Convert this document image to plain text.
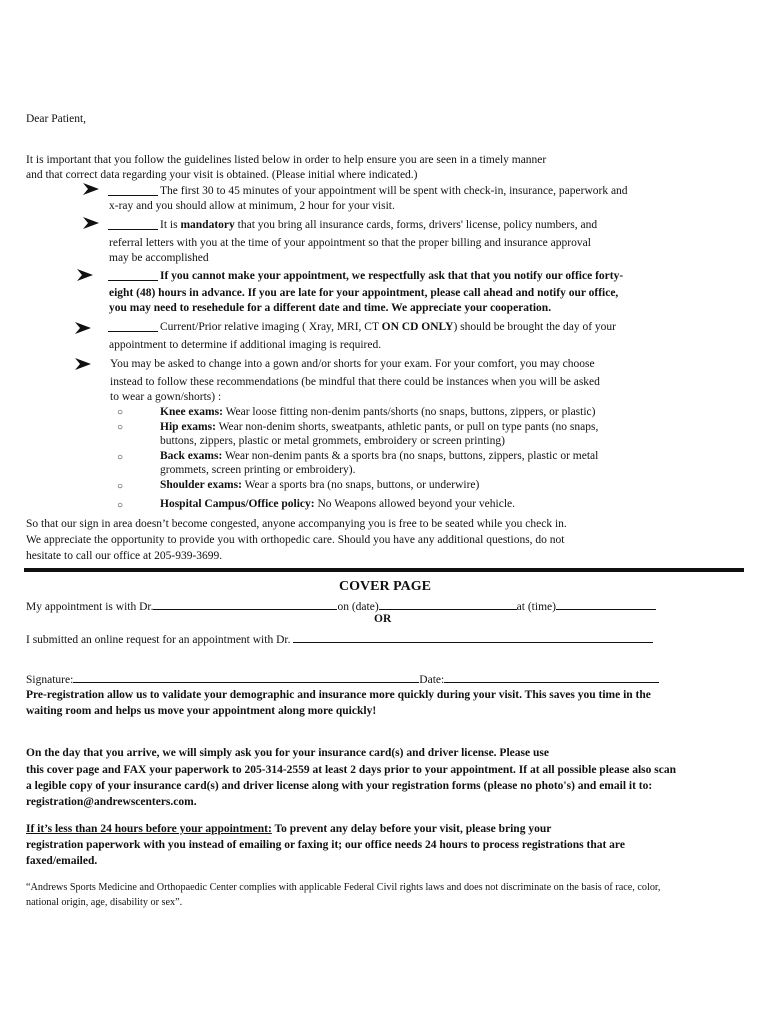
Dear Patient,
It is important that you follow the guidelines listed below in order to help ensure you are seen in a timely manner
and that correct data regarding your visit is obtained. (Please initial where indicated.)
The first 30 to 45 minutes of your appointment will be spent with check-in, insurance, paperwork and
x-ray and you should allow at minimum, 2 hour for your visit.
It is mandatory that you bring all insurance cards, forms, drivers' license, policy numbers, and
referral letters with you at the time of your appointment so that the proper billing and insurance approval
may be accomplished
If you cannot make your appointment, we respectfully ask that that you notify our office forty-
eight (48) hours in advance. If you are late for your appointment, please call ahead and notify our office,
you may need to resehedule for a different date and time. We appreciate your cooperation.
Current/Prior relative imaging ( Xray, MRI, CT ON CD ONLY) should be brought the day of your
appointment to determine if additional imaging is required.
You may be asked to change into a gown and/or shorts for your exam. For your comfort, you may choose
instead to follow these recommendations (be mindful that there could be instances when you will be asked
to wear a gown/shorts) :
○	Knee exams: Wear loose fitting non-denim pants/shorts (no snaps, buttons, zippers, or plastic)
○	Hip exams: Wear non-denim shorts, sweatpants, athletic pants, or pull on type pants (no snaps,
buttons, zippers, plastic or metal grommets, embroidery or screen printing)
○	Back exams: Wear non-denim pants & a sports bra (no snaps, buttons, zippers, plastic or metal
grommets, screen printing or embroidery).
○	Shoulder exams: Wear a sports bra (no snaps, buttons, or underwire)
○	Hospital Campus/Office policy: No Weapons allowed beyond your vehicle.
So that our sign in area doesn’t become congested, anyone accompanying you is free to be seated while you check in.
We appreciate the opportunity to provide you with orthopedic care. Should you have any additional questions, do not
hesitate to call our office at 205-939-3699.
COVER PAGE
My appointment is with Dr.	on (date)	at (time)
OR
I submitted an online request for an appointment with Dr.
Signature:	Date:
Pre-registration allow us to validate your demographic and insurance more quickly during your visit. This saves you time in the
waiting room and helps us move your appointment along more quickly!
On the day that you arrive, we will simply ask you for your insurance card(s) and driver license. Please use
this cover page and FAX your paperwork to 205-314-2559 at least 2 days prior to your appointment. If at all possible please also scan
a legible copy of your insurance card(s) and driver license along with your registration forms (please no photo's) and email it to:
registration@andrewscenters.com.
If it’s less than 24 hours before your appointment: To prevent any delay before your visit, please bring your
registration paperwork with you instead of emailing or faxing it; our office needs 24 hours to process registrations that are
faxed/emailed.
“Andrews Sports Medicine and Orthopaedic Center complies with applicable Federal Civil rights laws and does not discriminate on the basis of race, color,
national origin, age, disability or sex”.
